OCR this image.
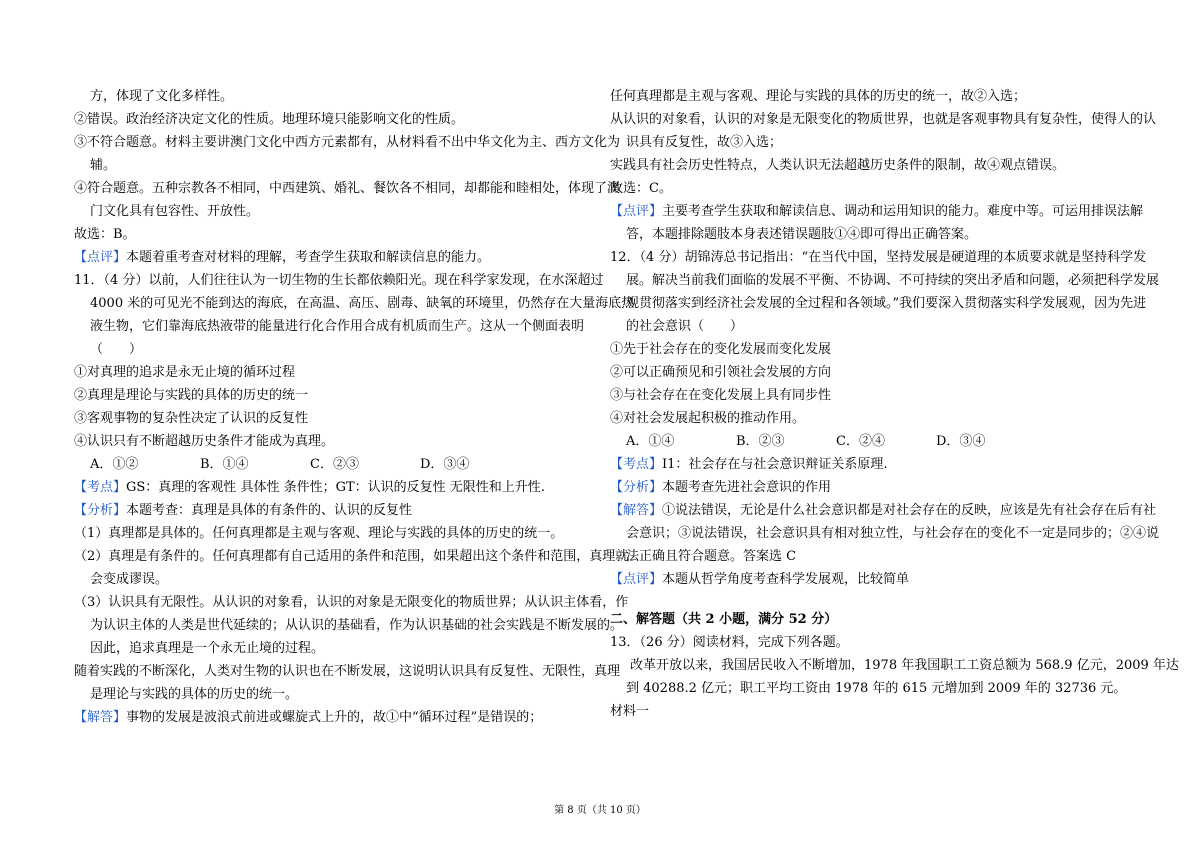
方，体现了文化多样性。
②错误。政治经济决定文化的性质。地理环境只能影响文化的性质。
③不符合题意。材料主要讲澳门文化中西方元素都有，从材料看不出中华文化为主、西方文化为
辅。
④符合题意。五种宗教各不相同，中西建筑、婚礼、餐饮各不相同，却都能和睦相处，体现了澳
门文化具有包容性、开放性。
故选：B。
【点评】本题着重考查对材料的理解，考查学生获取和解读信息的能力。
11．（4 分）以前，人们往往认为一切生物的生长都依赖阳光。现在科学家发现，在水深超过
4000 米的可见光不能到达的海底，在高温、高压、剧毒、缺氧的环境里，仍然存在大量海底热
液生物，它们靠海底热液带的能量进行化合作用合成有机质而生产。这从一个侧面表明
（　　）
①对真理的追求是永无止境的循环过程
②真理是理论与实践的具体的历史的统一
③客观事物的复杂性决定了认识的反复性
④认识只有不断超越历史条件才能成为真理。
A．①②	B．①④	C．②③	D．③④
【考点】GS：真理的客观性 具体性 条件性；GT：认识的反复性 无限性和上升性.
【分析】本题考查：真理是具体的有条件的、认识的反复性
（1）真理都是具体的。任何真理都是主观与客观、理论与实践的具体的历史的统一。
（2）真理是有条件的。任何真理都有自己适用的条件和范围，如果超出这个条件和范围，真理就
会变成谬误。
（3）认识具有无限性。从认识的对象看，认识的对象是无限变化的物质世界；从认识主体看，作
为认识主体的人类是世代延续的；从认识的基础看，作为认识基础的社会实践是不断发展的。
因此，追求真理是一个永无止境的过程。
随着实践的不断深化，人类对生物的认识也在不断发展，这说明认识具有反复性、无限性，真理
是理论与实践的具体的历史的统一。
【解答】事物的发展是波浪式前进或螺旋式上升的，故①中“循环过程”是错误的；
任何真理都是主观与客观、理论与实践的具体的历史的统一，故②入选；
从认识的对象看，认识的对象是无限变化的物质世界，也就是客观事物具有复杂性，使得人的认
识具有反复性，故③入选；
实践具有社会历史性特点，人类认识无法超越历史条件的限制，故④观点错误。
故选：C。
【点评】主要考查学生获取和解读信息、调动和运用知识的能力。难度中等。可运用排误法解
答，本题排除题肢本身表述错误题肢①④即可得出正确答案。
12．（4 分）胡锦涛总书记指出：“在当代中国，坚持发展是硬道理的本质要求就是坚持科学发
展。解决当前我们面临的发展不平衡、不协调、不可持续的突出矛盾和问题，必须把科学发展
观贯彻落实到经济社会发展的全过程和各领域。”我们要深入贯彻落实科学发展观，因为先进
的社会意识（　　）
①先于社会存在的变化发展而变化发展
②可以正确预见和引领社会发展的方向
③与社会存在在变化发展上具有同步性
④对社会发展起积极的推动作用。
A．①④	B．②③	C．②④	D．③④
【考点】I1：社会存在与社会意识辩证关系原理.
【分析】本题考查先进社会意识的作用
【解答】①说法错误，无论是什么社会意识都是对社会存在的反映，应该是先有社会存在后有社
会意识；③说法错误，社会意识具有相对独立性，与社会存在的变化不一定是同步的；②④说
法正确且符合题意。答案选 C
【点评】本题从哲学角度考查科学发展观，比较简单
二、解答题（共 2 小题，满分 52 分）
13．（26 分）阅读材料，完成下列各题。
改革开放以来，我国居民收入不断增加，1978 年我国职工工资总额为 568.9 亿元，2009 年达
到 40288.2 亿元；职工平均工资由 1978 年的 615 元增加到 2009 年的 32736 元。
材料一
第 8 页（共 10 页）
